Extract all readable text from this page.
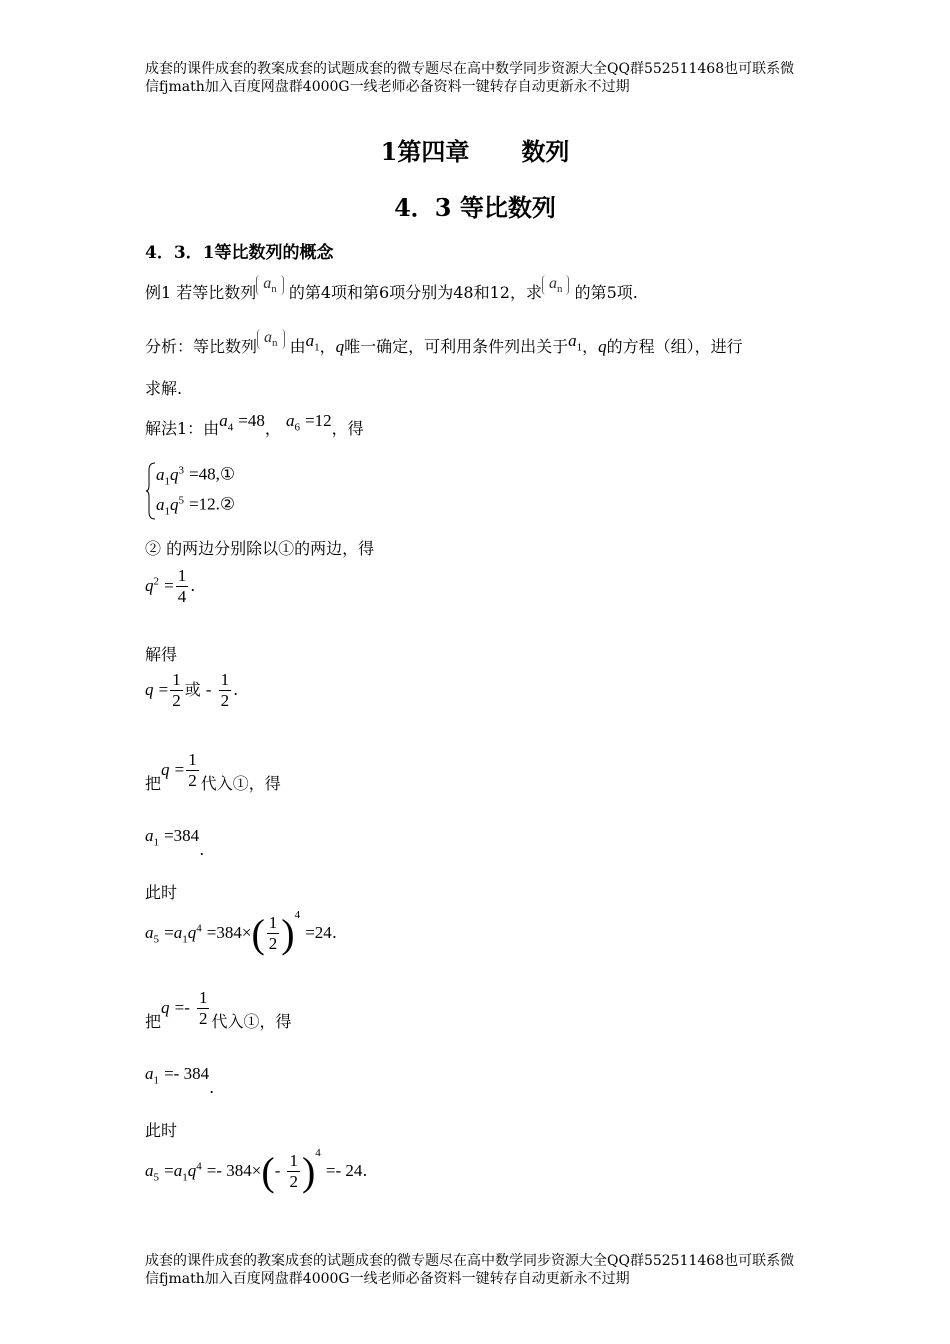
成套的课件成套的教案成套的试题成套的微专题尽在高中数学同步资源大全QQ群552511468也可联系微
信fjmath加入百度网盘群4000G一线老师必备资料一键转存自动更新永不过期
1第四章 数列
4．3 等比数列
4．3．1等比数列的概念
例1 若等比数列 $a_n$ 的第4项和第6项分别为48和12，求 $a_n$ 的第5项.
分析：等比数列 $a_n$ 由$a_1$，q唯一确定，可利用条件列出关于$a_1$，q的方程（组），进行
求解.
解法1：由$a_4 =48$， $a_6 =12$，得
$a_1q^3$ =48,①
$a_1q^5$ =12.②
② 的两边分别除以①的两边，得
$q^2 = \frac{1}{4}$ .
解得
$q = \frac{1}{2}$ 或 - $\frac{1}{2}$ .
把$q = \frac{1}{2}$ 代入①，得
$a_1 =384$.
此时
$a_5 =a_1q^4 =384\times( \frac{1}{2} )^4 =24$.
把$q =- \frac{1}{2}$ 代入①，得
$a_1 =- 384$.
此时
$a_5 =a_1q^4 =- 384\times(- \frac{1}{2} )^4 =- 24$.
成套的课件成套的教案成套的试题成套的微专题尽在高中数学同步资源大全QQ群552511468也可联系微
信fjmath加入百度网盘群4000G一线老师必备资料一键转存自动更新永不过期
